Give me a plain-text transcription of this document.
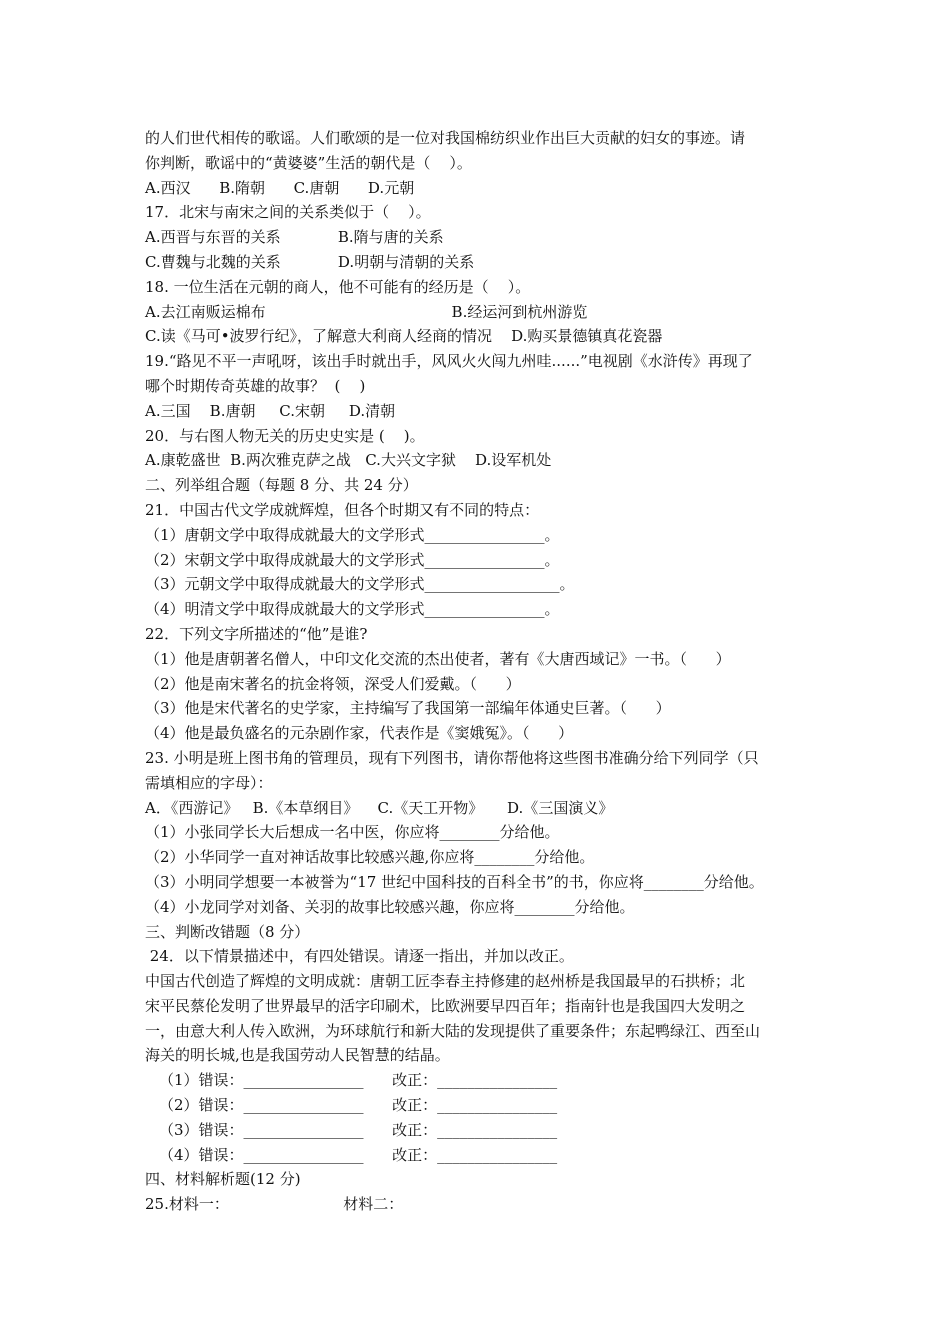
的人们世代相传的歌谣。人们歌颂的是一位对我国棉纺织业作出巨大贡献的妇女的事迹。请
你判断，歌谣中的“黄婆婆”生活的朝代是（    ）。
A.西汉      B.隋朝      C.唐朝      D.元朝
17．北宋与南宋之间的关系类似于（    ）。
A.西晋与东晋的关系            B.隋与唐的关系
C.曹魏与北魏的关系            D.明朝与清朝的关系
18. 一位生活在元朝的商人，他不可能有的经历是（    ）。
A.去江南贩运棉布                                       B.经运河到杭州游览
C.读《马可•波罗行纪》，了解意大利商人经商的情况    D.购买景德镇真花瓷器
19.“路见不平一声吼呀，该出手时就出手，风风火火闯九州哇......”电视剧《水浒传》再现了
哪个时期传奇英雄的故事？  (    )
A.三国    B.唐朝     C.宋朝     D.清朝
20．与右图人物无关的历史史实是 (    )。
A.康乾盛世  B.两次雅克萨之战   C.大兴文字狱    D.设军机处
二、列举组合题（每题 8 分、共 24 分）
21．中国古代文学成就辉煌，但各个时期又有不同的特点：
（1）唐朝文学中取得成就最大的文学形式________________。
（2）宋朝文学中取得成就最大的文学形式________________。
（3）元朝文学中取得成就最大的文学形式__________________。
（4）明清文学中取得成就最大的文学形式________________。
22．下列文字所描述的“他”是谁?
（1）他是唐朝著名僧人，中印文化交流的杰出使者，著有《大唐西域记》一书。（      ）
（2）他是南宋著名的抗金将领，深受人们爱戴。（      ）
（3）他是宋代著名的史学家，主持编写了我国第一部编年体通史巨著。（      ）
（4）他是最负盛名的元杂剧作家，代表作是《窦娥冤》。（      ）
23. 小明是班上图书角的管理员，现有下列图书，请你帮他将这些图书准确分给下列同学（只
需填相应的字母）：
A．《西游记》   B.《本草纲目》    C.《天工开物》     D.《三国演义》
（1）小张同学长大后想成一名中医，你应将________分给他。
（2）小华同学一直对神话故事比较感兴趣,你应将________分给他。
（3）小明同学想要一本被誉为“17 世纪中国科技的百科全书”的书，你应将________分给他。
（4）小龙同学对刘备、关羽的故事比较感兴趣，你应将________分给他。
三、判断改错题（8 分）
24．以下情景描述中，有四处错误。请逐一指出，并加以改正。
中国古代创造了辉煌的文明成就：唐朝工匠李春主持修建的赵州桥是我国最早的石拱桥；北
宋平民蔡伦发明了世界最早的活字印刷术，比欧洲要早四百年；指南针也是我国四大发明之
一，由意大利人传入欧洲，为环球航行和新大陆的发现提供了重要条件；东起鸭绿江、西至山
海关的明长城,也是我国劳动人民智慧的结晶。
（1）错误：________________      改正：________________
（2）错误：________________      改正：________________
（3）错误：________________      改正：________________
（4）错误：________________      改正：________________
四、材料解析题(12 分)
25.材料一：                        材料二：
